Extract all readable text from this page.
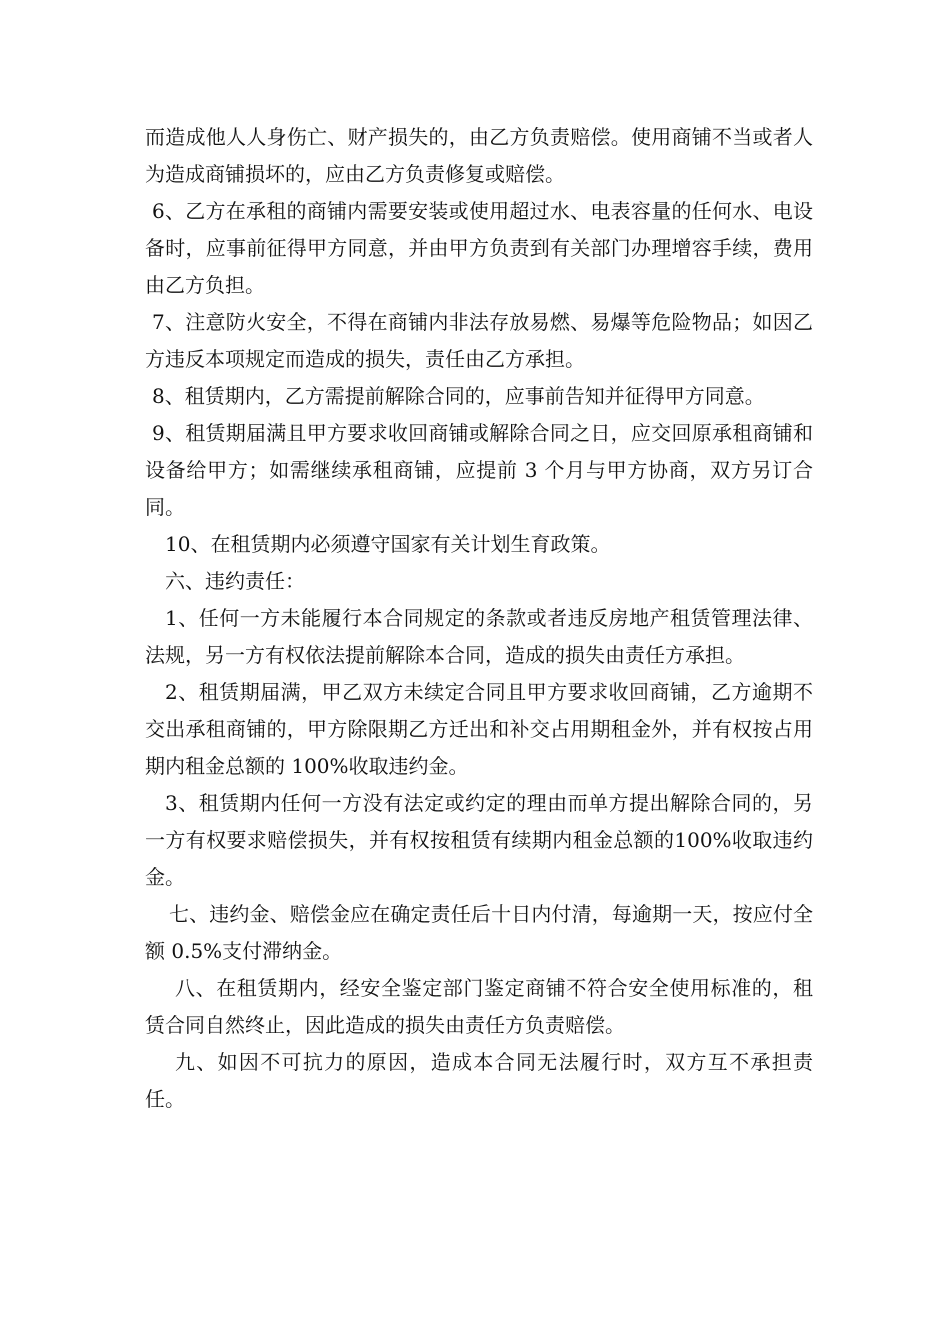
而造成他人人身伤亡、财产损失的，由乙方负责赔偿。使用商铺不当或者人为造成商铺损坏的，应由乙方负责修复或赔偿。

6、乙方在承租的商铺内需要安装或使用超过水、电表容量的任何水、电设备时，应事前征得甲方同意，并由甲方负责到有关部门办理增容手续，费用由乙方负担。

7、注意防火安全，不得在商铺内非法存放易燃、易爆等危险物品；如因乙方违反本项规定而造成的损失，责任由乙方承担。

8、租赁期内，乙方需提前解除合同的，应事前告知并征得甲方同意。

9、租赁期届满且甲方要求收回商铺或解除合同之日，应交回原承租商铺和设备给甲方；如需继续承租商铺，应提前 3 个月与甲方协商，双方另订合同。

10、在租赁期内必须遵守国家有关计划生育政策。

六、违约责任：

1、任何一方未能履行本合同规定的条款或者违反房地产租赁管理法律、法规，另一方有权依法提前解除本合同，造成的损失由责任方承担。

2、租赁期届满，甲乙双方未续定合同且甲方要求收回商铺，乙方逾期不交出承租商铺的，甲方除限期乙方迁出和补交占用期租金外，并有权按占用期内租金总额的 100%收取违约金。

3、租赁期内任何一方没有法定或约定的理由而单方提出解除合同的，另一方有权要求赔偿损失，并有权按租赁有续期内租金总额的100%收取违约金。

七、违约金、赔偿金应在确定责任后十日内付清，每逾期一天，按应付全额 0.5%支付滞纳金。

八、在租赁期内，经安全鉴定部门鉴定商铺不符合安全使用标准的，租赁合同自然终止，因此造成的损失由责任方负责赔偿。

九、如因不可抗力的原因，造成本合同无法履行时，双方互不承担责任。
